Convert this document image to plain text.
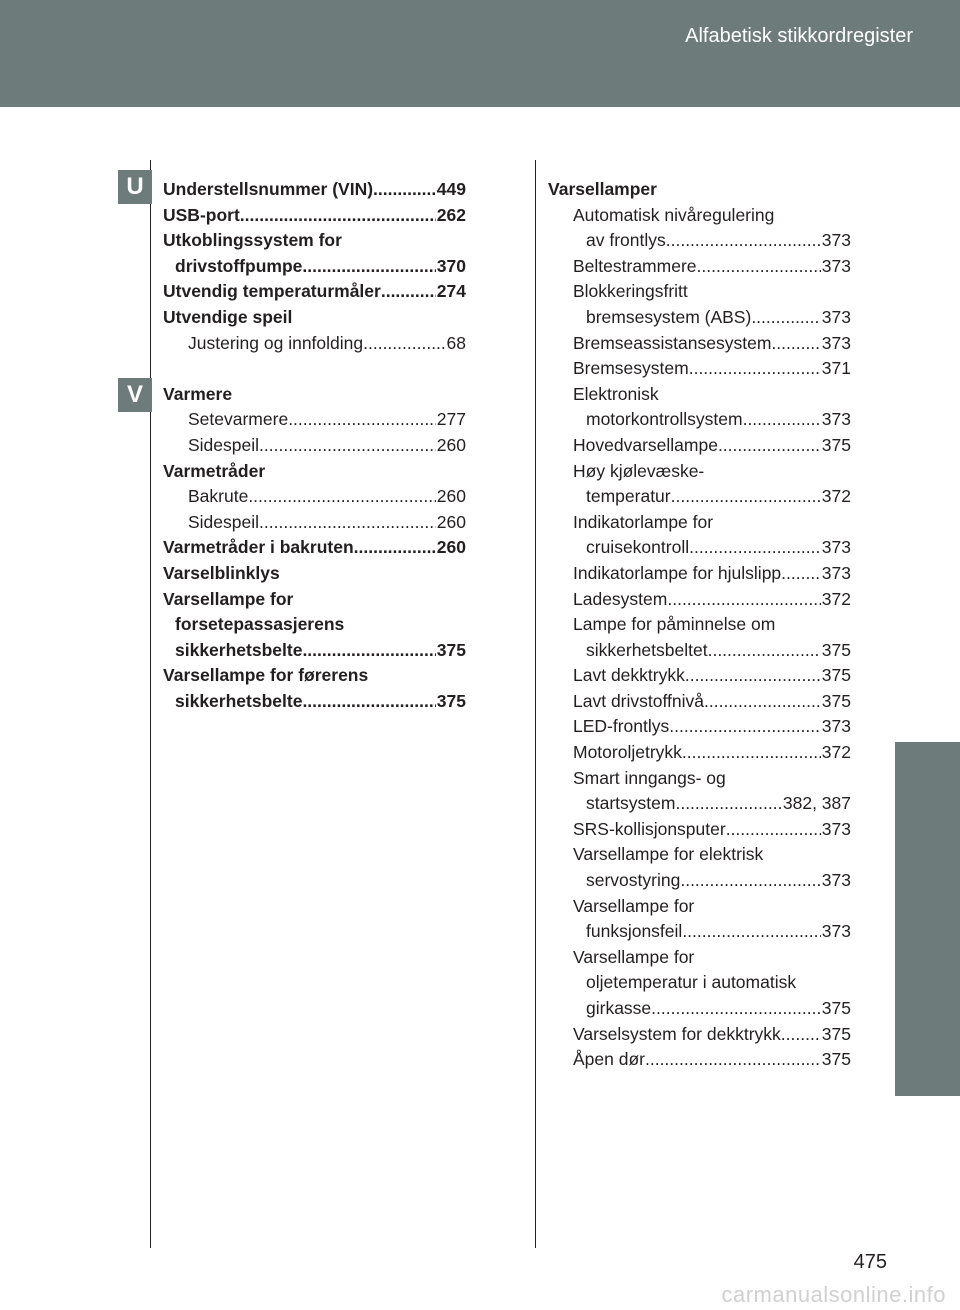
Alfabetisk stikkordregister
U
V
Understellsnummer (VIN) .....	449
USB-port .....	262
Utkoblingssystem for
drivstoffpumpe .....	370
Utvendig temperaturmåler .....	274
Utvendige speil
Justering og innfolding .....	68
Varmere
Setevarmere .....	277
Sidespeil .....	260
Varmetråder
Bakrute .....	260
Sidespeil .....	260
Varmetråder i bakruten .....	260
Varselblinklys
Varsellampe for
forsetepassasjerens
sikkerhetsbelte .....	375
Varsellampe for førerens
sikkerhetsbelte .....	375
Varsellamper
Automatisk nivåregulering
av frontlys .....	373
Beltestrammere .....	373
Blokkeringsfritt
bremsesystem (ABS) .....	373
Bremseassistansesystem .....	373
Bremsesystem .....	371
Elektronisk
motorkontrollsystem .....	373
Hovedvarsellampe .....	375
Høy kjølevæske-
temperatur .....	372
Indikatorlampe for
cruisekontroll .....	373
Indikatorlampe for hjulslipp ..... 373
Ladesystem .....	372
Lampe for påminnelse om
sikkerhetsbeltet .....	375
Lavt dekktrykk .....	375
Lavt drivstoffnivå .....	375
LED-frontlys .....	373
Motoroljetrykk .....	372
Smart inngangs- og
startsystem .....	382, 387
SRS-kollisjonsputer .....	373
Varsellampe for elektrisk
servostyring .....	373
Varsellampe for
funksjonsfeil .....	373
Varsellampe for
oljetemperatur i automatisk
girkasse .....	375
Varselsystem for dekktrykk ..... 375
Åpen dør .....	375
475
carmanualsonline.info
